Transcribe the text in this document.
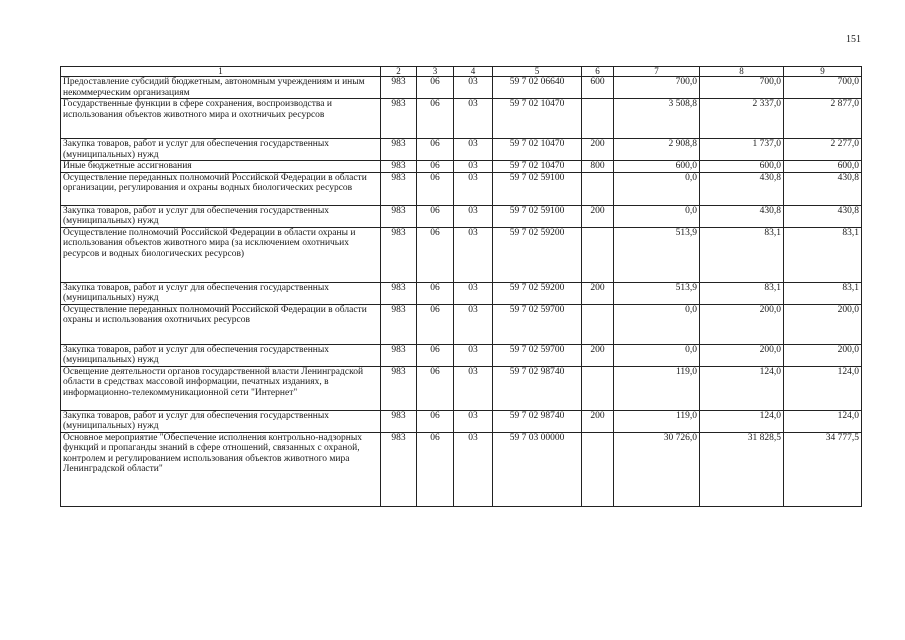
151
1	2	3	4	5	6	7	8	9
Предоставление субсидий бюджетным, автономным учреждениям и иным некоммерческим организациям	983	06	03	59 7 02 06640	600	700,0	700,0	700,0
Государственные функции в сфере сохранения, воспроизводства и использования объектов животного мира и охотничьих ресурсов	983	06	03	59 7 02 10470		3 508,8	2 337,0	2 877,0
Закупка товаров, работ и услуг для обеспечения государственных (муниципальных) нужд	983	06	03	59 7 02 10470	200	2 908,8	1 737,0	2 277,0
Иные бюджетные ассигнования	983	06	03	59 7 02 10470	800	600,0	600,0	600,0
Осуществление переданных полномочий Российской Федерации в области организации, регулирования и охраны водных биологических ресурсов	983	06	03	59 7 02 59100		0,0	430,8	430,8
Закупка товаров, работ и услуг для обеспечения государственных (муниципальных) нужд	983	06	03	59 7 02 59100	200	0,0	430,8	430,8
Осуществление полномочий Российской Федерации в области охраны и использования объектов животного мира (за исключением охотничьих ресурсов и водных биологических ресурсов)	983	06	03	59 7 02 59200		513,9	83,1	83,1
Закупка товаров, работ и услуг для обеспечения государственных (муниципальных) нужд	983	06	03	59 7 02 59200	200	513,9	83,1	83,1
Осуществление переданных полномочий Российской Федерации в области охраны и использования охотничьих ресурсов	983	06	03	59 7 02 59700		0,0	200,0	200,0
Закупка товаров, работ и услуг для обеспечения государственных (муниципальных) нужд	983	06	03	59 7 02 59700	200	0,0	200,0	200,0
Освещение деятельности органов государственной власти Ленинградской области в средствах массовой информации, печатных изданиях, в информационно-телекоммуникационной сети "Интернет"	983	06	03	59 7 02 98740		119,0	124,0	124,0
Закупка товаров, работ и услуг для обеспечения государственных (муниципальных) нужд	983	06	03	59 7 02 98740	200	119,0	124,0	124,0
Основное мероприятие "Обеспечение исполнения контрольно-надзорных функций и пропаганды знаний в сфере отношений, связанных с охраной, контролем и регулированием использования объектов животного мира Ленинградской области"	983	06	03	59 7 03 00000		30 726,0	31 828,5	34 777,5
